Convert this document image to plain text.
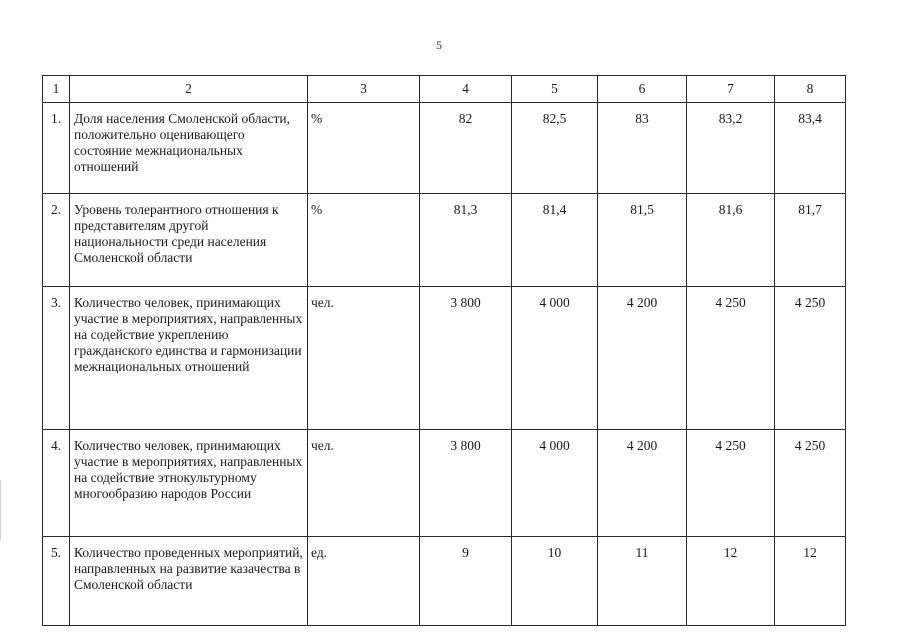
5
1	2	3	4	5	6	7	8
1.	Доля населения Смоленской области, положительно оценивающего состояние межнациональных отношений	%	82	82,5	83	83,2	83,4
2.	Уровень толерантного отношения к представителям другой национальности среди населения Смоленской области	%	81,3	81,4	81,5	81,6	81,7
3.	Количество человек, принимающих участие в мероприятиях, направленных на содействие укреплению гражданского единства и гармонизации межнациональных отношений	чел.	3 800	4 000	4 200	4 250	4 250
4.	Количество человек, принимающих участие в мероприятиях, направленных на содействие этнокультурному многообразию народов России	чел.	3 800	4 000	4 200	4 250	4 250
5.	Количество проведенных мероприятий, направленных на развитие казачества в Смоленской области	ед.	9	10	11	12	12
